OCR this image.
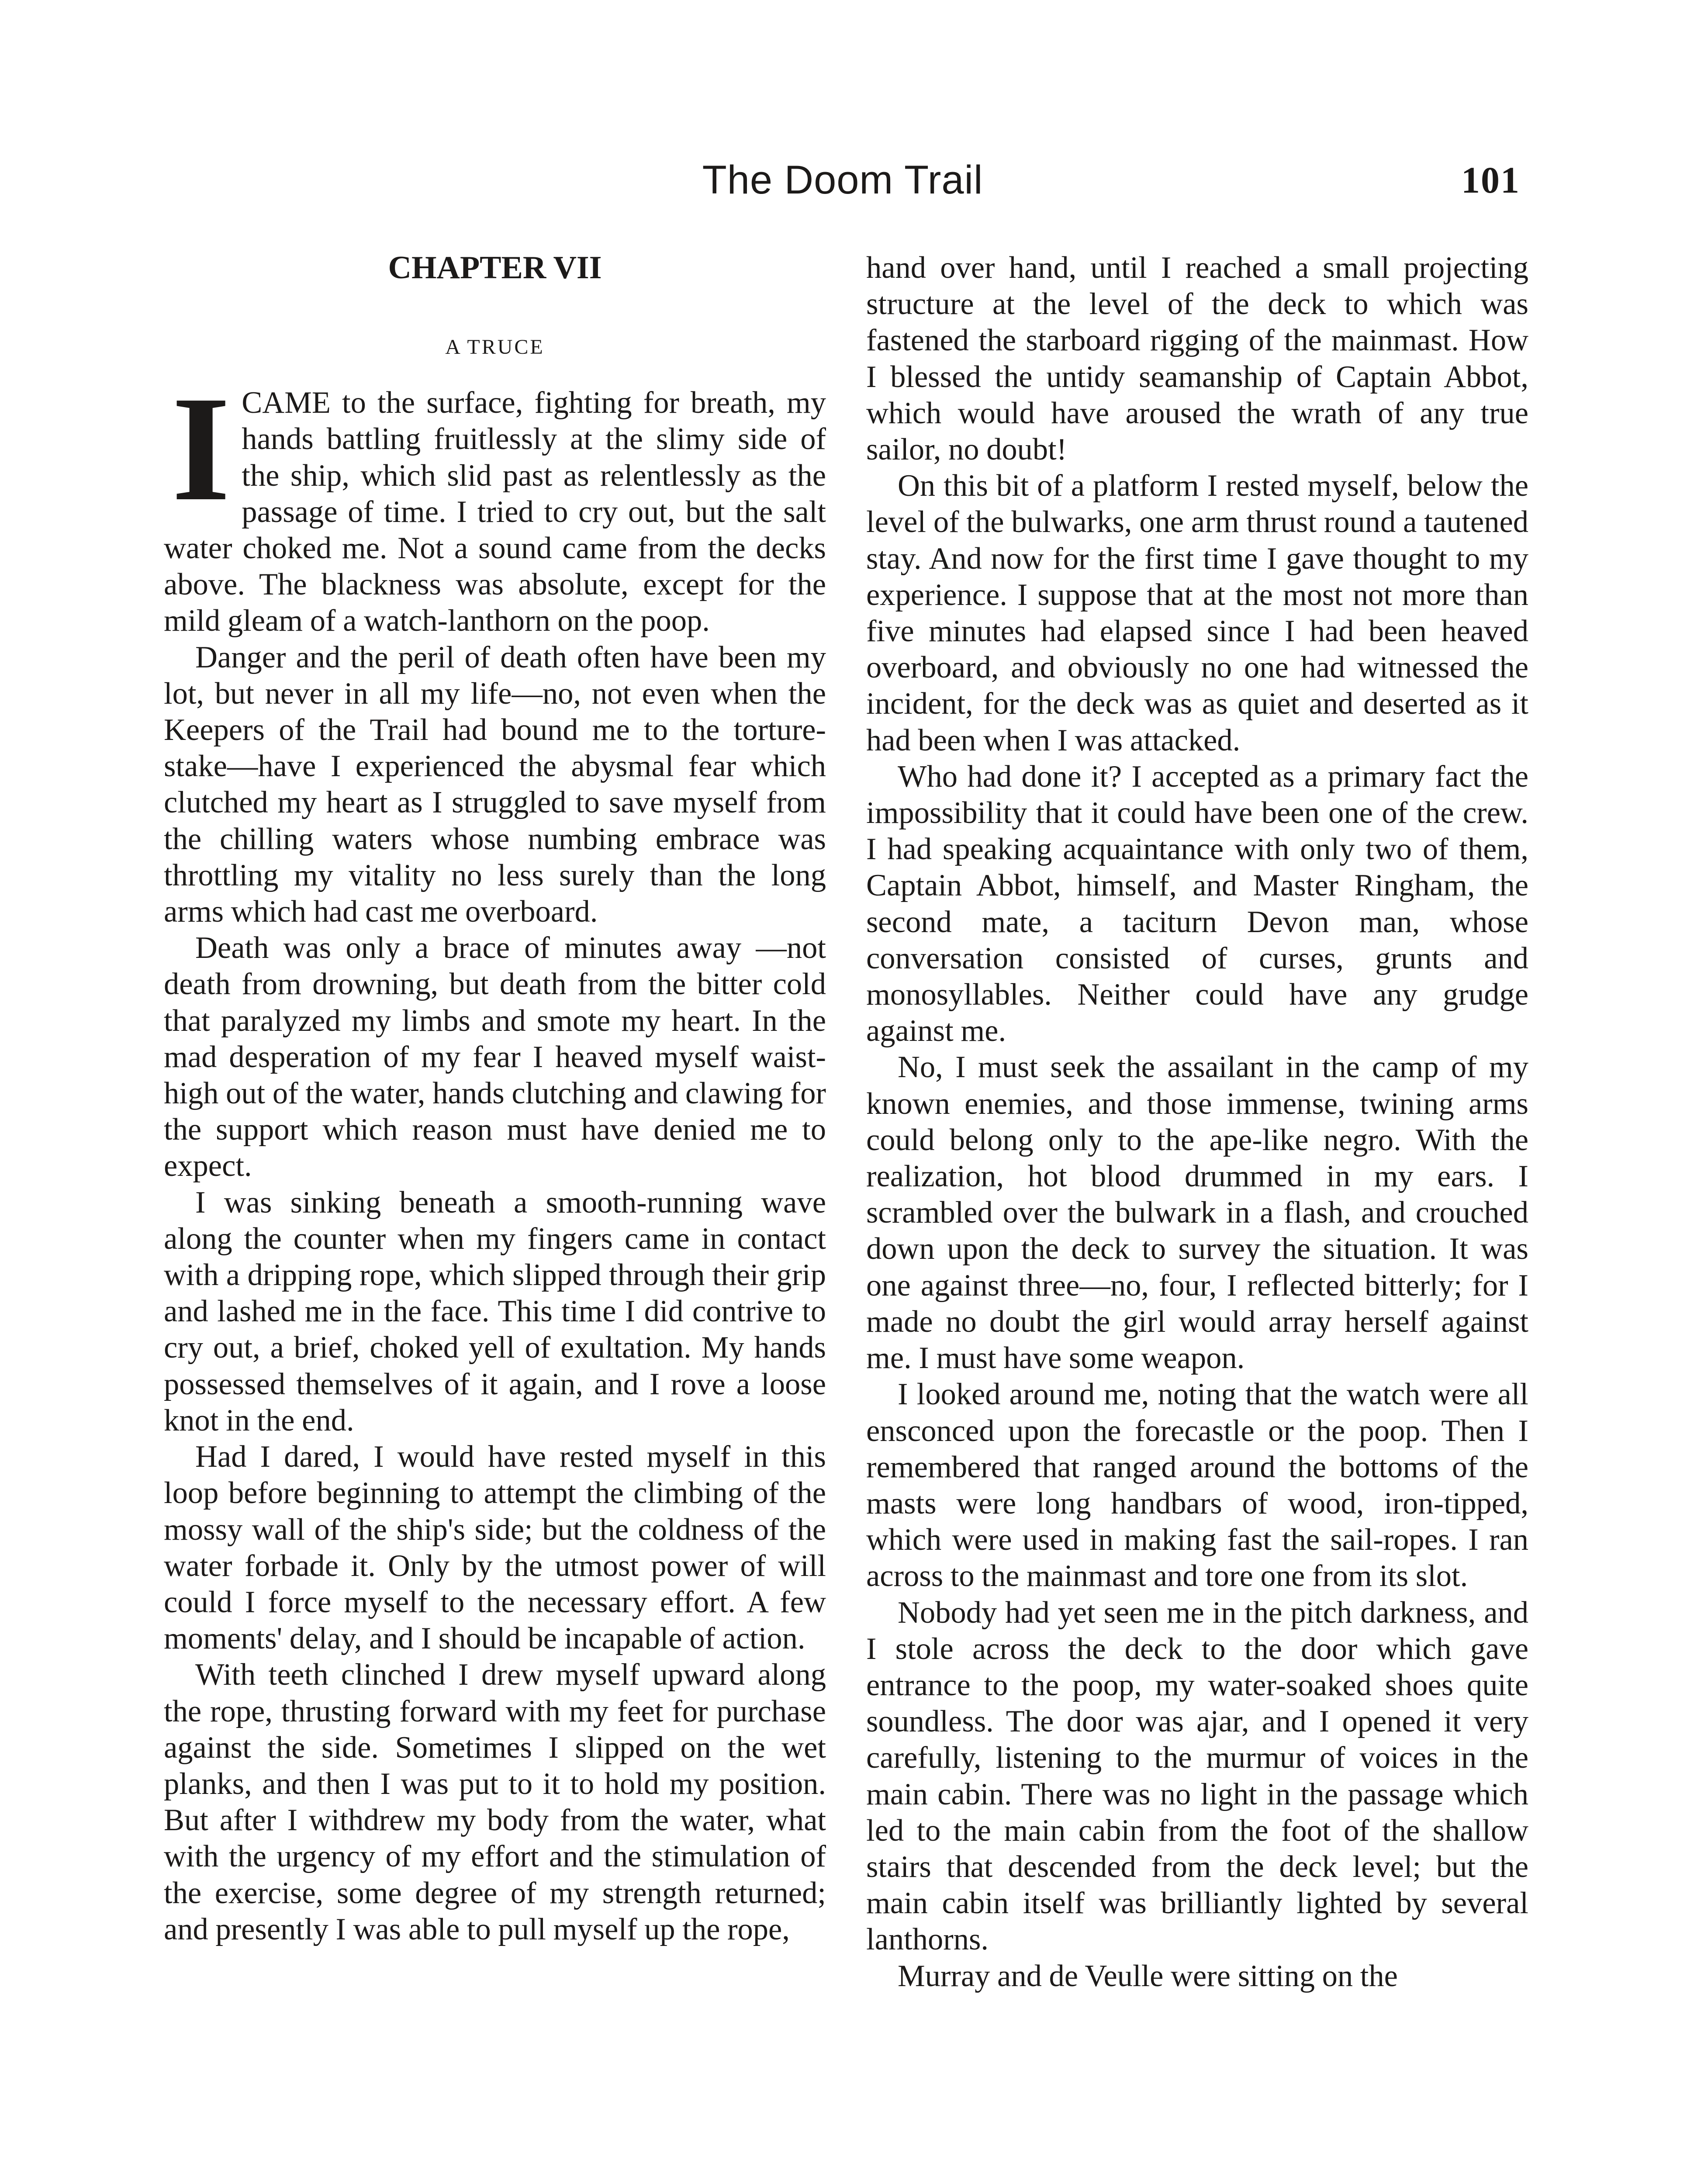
The Doom Trail	101
CHAPTER VII
A TRUCE

ICAME to the surface, fighting for breath, my hands battling fruitlessly at the slimy side of the ship, which slid past as relentlessly as the passage of time. I tried to cry out, but the salt water choked me. Not a sound came from the decks above. The blackness was absolute, except for the mild gleam of a watch-lanthorn on the poop.

Danger and the peril of death often have been my lot, but never in all my life—no, not even when the Keepers of the Trail had bound me to the torture-stake—have I experienced the abysmal fear which clutched my heart as I struggled to save myself from the chilling waters whose numbing embrace was throttling my vitality no less surely than the long arms which had cast me overboard.

Death was only a brace of minutes away —not death from drowning, but death from the bitter cold that paralyzed my limbs and smote my heart. In the mad desperation of my fear I heaved myself waist-high out of the water, hands clutching and clawing for the support which reason must have denied me to expect.

I was sinking beneath a smooth-running wave along the counter when my fingers came in contact with a dripping rope, which slipped through their grip and lashed me in the face. This time I did contrive to cry out, a brief, choked yell of exultation. My hands possessed themselves of it again, and I rove a loose knot in the end.

Had I dared, I would have rested myself in this loop before beginning to attempt the climbing of the mossy wall of the ship's side; but the coldness of the water forbade it. Only by the utmost power of will could I force myself to the necessary effort. A few moments' delay, and I should be incapable of action.

With teeth clinched I drew myself upward along the rope, thrusting forward with my feet for purchase against the side. Sometimes I slipped on the wet planks, and then I was put to it to hold my position. But after I withdrew my body from the water, what with the urgency of my effort and the stimulation of the exercise, some degree of my strength returned; and presently I was able to pull myself up the rope,

hand over hand, until I reached a small projecting structure at the level of the deck to which was fastened the starboard rigging of the mainmast. How I blessed the untidy seamanship of Captain Abbot, which would have aroused the wrath of any true sailor, no doubt!

On this bit of a platform I rested myself, below the level of the bulwarks, one arm thrust round a tautened stay. And now for the first time I gave thought to my experience. I suppose that at the most not more than five minutes had elapsed since I had been heaved overboard, and obviously no one had witnessed the incident, for the deck was as quiet and deserted as it had been when I was attacked.

Who had done it? I accepted as a primary fact the impossibility that it could have been one of the crew. I had speaking acquaintance with only two of them, Captain Abbot, himself, and Master Ringham, the second mate, a taciturn Devon man, whose conversation consisted of curses, grunts and monosyllables. Neither could have any grudge against me.

No, I must seek the assailant in the camp of my known enemies, and those immense, twining arms could belong only to the ape-like negro. With the realization, hot blood drummed in my ears. I scrambled over the bulwark in a flash, and crouched down upon the deck to survey the situation. It was one against three—no, four, I reflected bitterly; for I made no doubt the girl would array herself against me. I must have some weapon.

I looked around me, noting that the watch were all ensconced upon the forecastle or the poop. Then I remembered that ranged around the bottoms of the masts were long handbars of wood, iron-tipped, which were used in making fast the sail-ropes. I ran across to the mainmast and tore one from its slot.

Nobody had yet seen me in the pitch darkness, and I stole across the deck to the door which gave entrance to the poop, my water-soaked shoes quite soundless. The door was ajar, and I opened it very carefully, listening to the murmur of voices in the main cabin. There was no light in the passage which led to the main cabin from the foot of the shallow stairs that descended from the deck level; but the main cabin itself was brilliantly lighted by several lanthorns.

Murray and de Veulle were sitting on the
